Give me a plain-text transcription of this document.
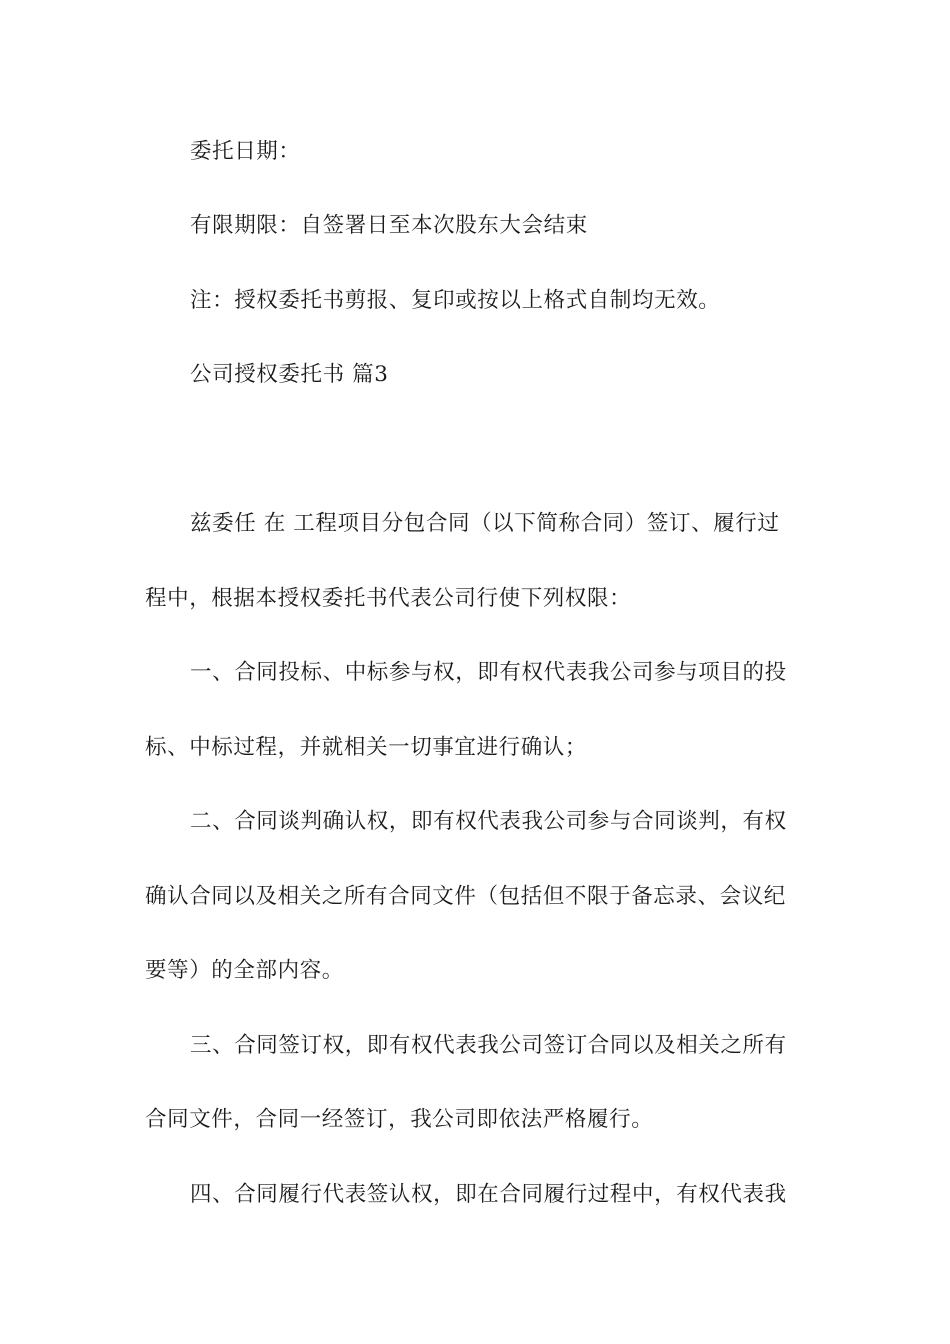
委托日期：
有限期限：自签署日至本次股东大会结束
注：授权委托书剪报、复印或按以上格式自制均无效。
公司授权委托书 篇3
兹委任 在 工程项目分包合同（以下简称合同）签订、履行过
程中，根据本授权委托书代表公司行使下列权限：
一、合同投标、中标参与权，即有权代表我公司参与项目的投
标、中标过程，并就相关一切事宜进行确认；
二、合同谈判确认权，即有权代表我公司参与合同谈判，有权
确认合同以及相关之所有合同文件（包括但不限于备忘录、会议纪
要等）的全部内容。
三、合同签订权，即有权代表我公司签订合同以及相关之所有
合同文件，合同一经签订，我公司即依法严格履行。
四、合同履行代表签认权，即在合同履行过程中，有权代表我
